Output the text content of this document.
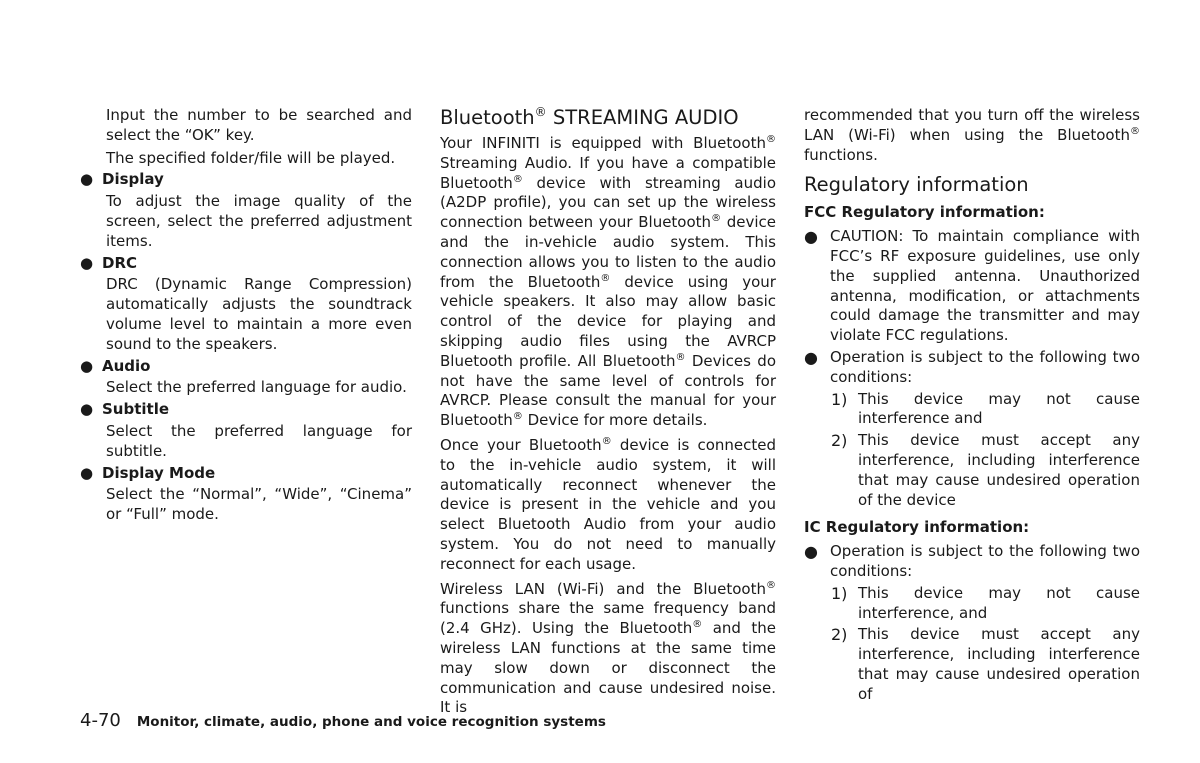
Input the number to be searched and select the “OK” key.

The specified folder/file will be played.

● Display

To adjust the image quality of the screen, select the preferred adjustment items.

● DRC

DRC (Dynamic Range Compression) automatically adjusts the soundtrack volume level to maintain a more even sound to the speakers.

● Audio

Select the preferred language for audio.

● Subtitle

Select the preferred language for subtitle.

● Display Mode

Select the “Normal”, “Wide”, “Cinema” or “Full” mode.

Bluetooth® STREAMING AUDIO

Your INFINITI is equipped with Bluetooth® Streaming Audio. If you have a compatible Bluetooth® device with streaming audio (A2DP profile), you can set up the wireless connection between your Bluetooth® device and the in-vehicle audio system. This connection allows you to listen to the audio from the Bluetooth® device using your vehicle speakers. It also may allow basic control of the device for playing and skipping audio files using the AVRCP Bluetooth profile. All Bluetooth® Devices do not have the same level of controls for AVRCP. Please consult the manual for your Bluetooth® Device for more details.

Once your Bluetooth® device is connected to the in-vehicle audio system, it will automatically reconnect whenever the device is present in the vehicle and you select Bluetooth Audio from your audio system. You do not need to manually reconnect for each usage.

Wireless LAN (Wi-Fi) and the Bluetooth® functions share the same frequency band (2.4 GHz). Using the Bluetooth® and the wireless LAN functions at the same time may slow down or disconnect the communication and cause undesired noise. It is

recommended that you turn off the wireless LAN (Wi-Fi) when using the Bluetooth® functions.

Regulatory information
FCC Regulatory information:
● CAUTION: To maintain compliance with FCC’s RF exposure guidelines, use only the supplied antenna. Unauthorized antenna, modification, or attachments could damage the transmitter and may violate FCC regulations.

● Operation is subject to the following two conditions:

1) This device may not cause interference and

2) This device must accept any interference, including interference that may cause undesired operation of the device

IC Regulatory information:
● Operation is subject to the following two conditions:

1) This device may not cause interference, and

2) This device must accept any interference, including interference that may cause undesired operation of

4-70 Monitor, climate, audio, phone and voice recognition systems
